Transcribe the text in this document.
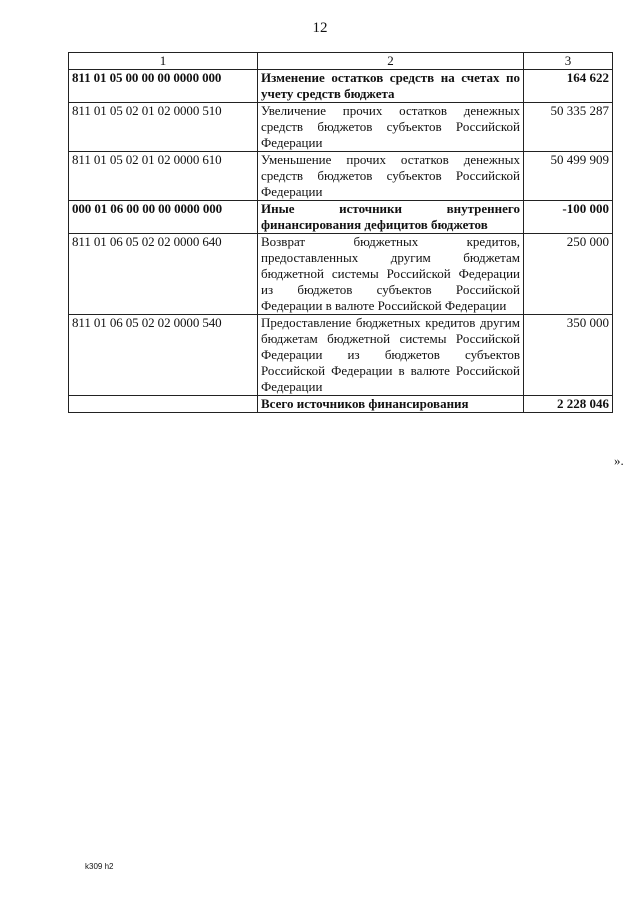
12
1	2	3
811 01 05 00 00 00 0000 000	Изменение остатков средств на счетах по учету средств бюджета	164 622
811 01 05 02 01 02 0000 510	Увеличение прочих остатков денежных средств бюджетов субъектов Российской Федерации	50 335 287
811 01 05 02 01 02 0000 610	Уменьшение прочих остатков денежных средств бюджетов субъектов Российской Федерации	50 499 909
000 01 06 00 00 00 0000 000	Иные источники внутреннего финансирования дефицитов бюджетов	-100 000
811 01 06 05 02 02 0000 640	Возврат бюджетных кредитов, предоставленных другим бюджетам бюджетной системы Российской Федерации из бюджетов субъектов Российской Федерации в валюте Российской Федерации	250 000
811 01 06 05 02 02 0000 540	Предоставление бюджетных кредитов другим бюджетам бюджетной системы Российской Федерации из бюджетов субъектов Российской Федерации в валюте Российской Федерации	350 000
	Всего источников финансирования	2 228 046
».
k309 h2
